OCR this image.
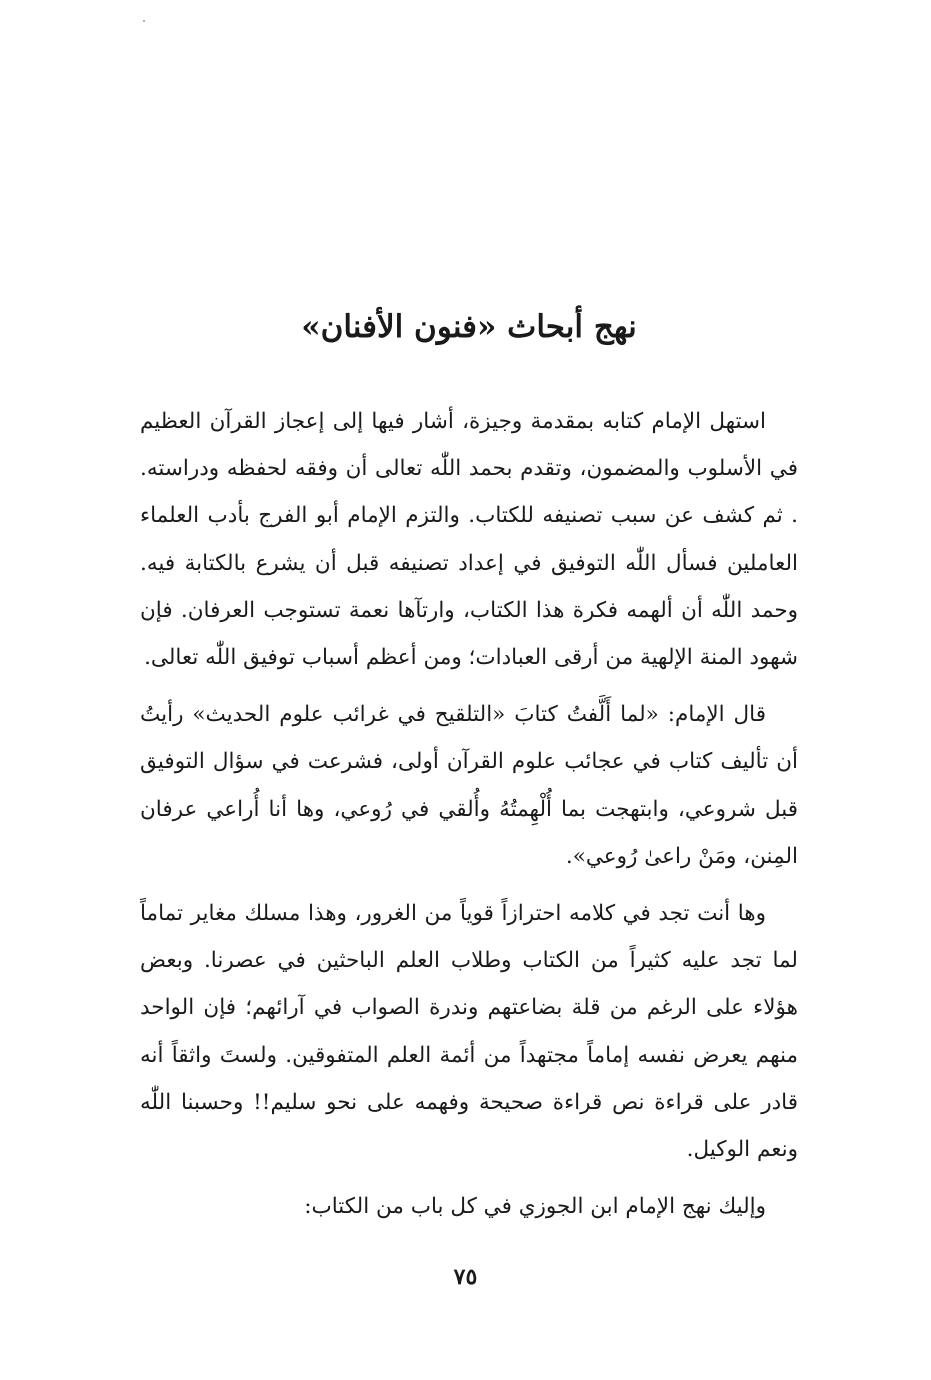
نهج أبحاث «فنون الأفنان»

استهل الإمام كتابه بمقدمة وجيزة، أشار فيها إلى إعجاز القرآن العظيم في الأسلوب والمضمون، وتقدم بحمد اللّٰه تعالى أن وفقه لحفظه ودراسته. . ثم كشف عن سبب تصنيفه للكتاب. والتزم الإمام أبو الفرج بأدب العلماء العاملين فسأل اللّٰه التوفيق في إعداد تصنيفه قبل أن يشرع بالكتابة فيه. وحمد اللّٰه أن ألهمه فكرة هذا الكتاب، وارتآها نعمة تستوجب العرفان. فإن شهود المنة الإلهية من أرقى العبادات؛ ومن أعظم أسباب توفيق اللّٰه تعالى.

قال الإمام: «لما أَلَّفتُ كتابَ «التلقيح في غرائب علوم الحديث» رأيتُ أن تأليف كتاب في عجائب علوم القرآن أولى، فشرعت في سؤال التوفيق قبل شروعي، وابتهجت بما أُلْهِمتُهُ وأُلقي في رُوعي، وها أنا أُراعي عرفان المِنن، ومَنْ راعىٰ رُوعي».

وها أنت تجد في كلامه احترازاً قوياً من الغرور، وهذا مسلك مغاير تماماً لما تجد عليه كثيراً من الكتاب وطلاب العلم الباحثين في عصرنا. وبعض هؤلاء على الرغم من قلة بضاعتهم وندرة الصواب في آرائهم؛ فإن الواحد منهم يعرض نفسه إماماً مجتهداً من أئمة العلم المتفوقين. ولستَ واثقاً أنه قادر على قراءة نص قراءة صحيحة وفهمه على نحو سليم!! وحسبنا اللّٰه ونعم الوكيل.

وإليك نهج الإمام ابن الجوزي في كل باب من الكتاب:

٧٥
